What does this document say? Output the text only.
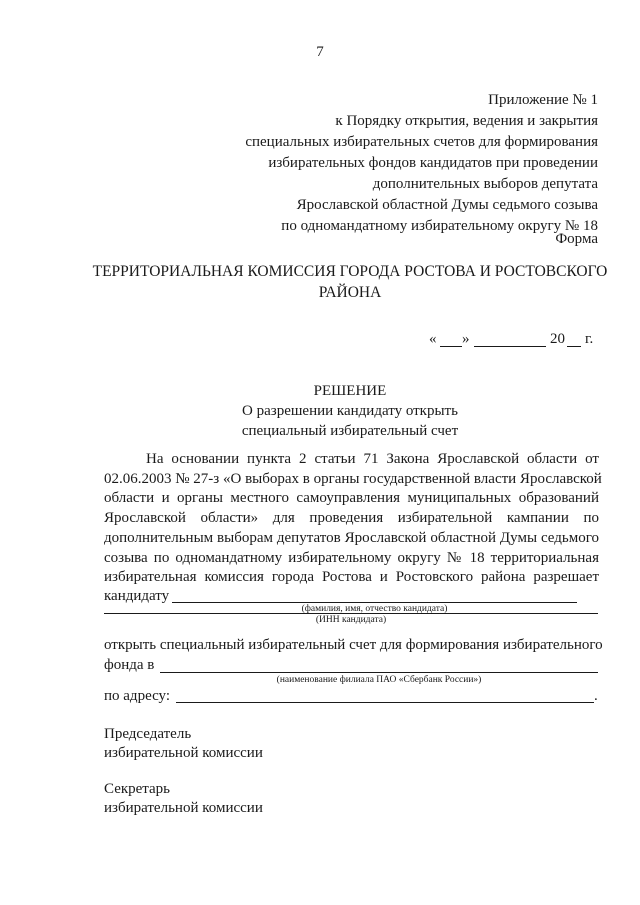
7
Приложение № 1
к Порядку открытия, ведения и закрытия
специальных избирательных счетов для формирования
избирательных фондов кандидатов при проведении
дополнительных выборов депутата
Ярославской областной Думы седьмого созыва
по одномандатному избирательному округу № 18
Форма
ТЕРРИТОРИАЛЬНАЯ КОМИССИЯ ГОРОДА РОСТОВА И РОСТОВСКОГО
РАЙОНА
« »	20 г.
РЕШЕНИЕ
О разрешении кандидату открыть
специальный избирательный счет
На основании пункта 2 статьи 71 Закона Ярославской области от
02.06.2003 № 27-з «О выборах в органы государственной власти Ярославской
области и органы местного самоуправления муниципальных образований
Ярославской области» для проведения избирательной кампании по
дополнительным выборам депутатов Ярославской областной Думы седьмого
созыва по одномандатному избирательному округу № 18 территориальная
избирательная комиссия города Ростова и Ростовского района разрешает
кандидату
(фамилия, имя, отчество кандидата)
(ИНН кандидата)
открыть специальный избирательный счет для формирования избирательного
фонда в
(наименование филиала ПАО «Сбербанк России»)
по адресу:	.
Председатель
избирательной комиссии
Секретарь
избирательной комиссии
